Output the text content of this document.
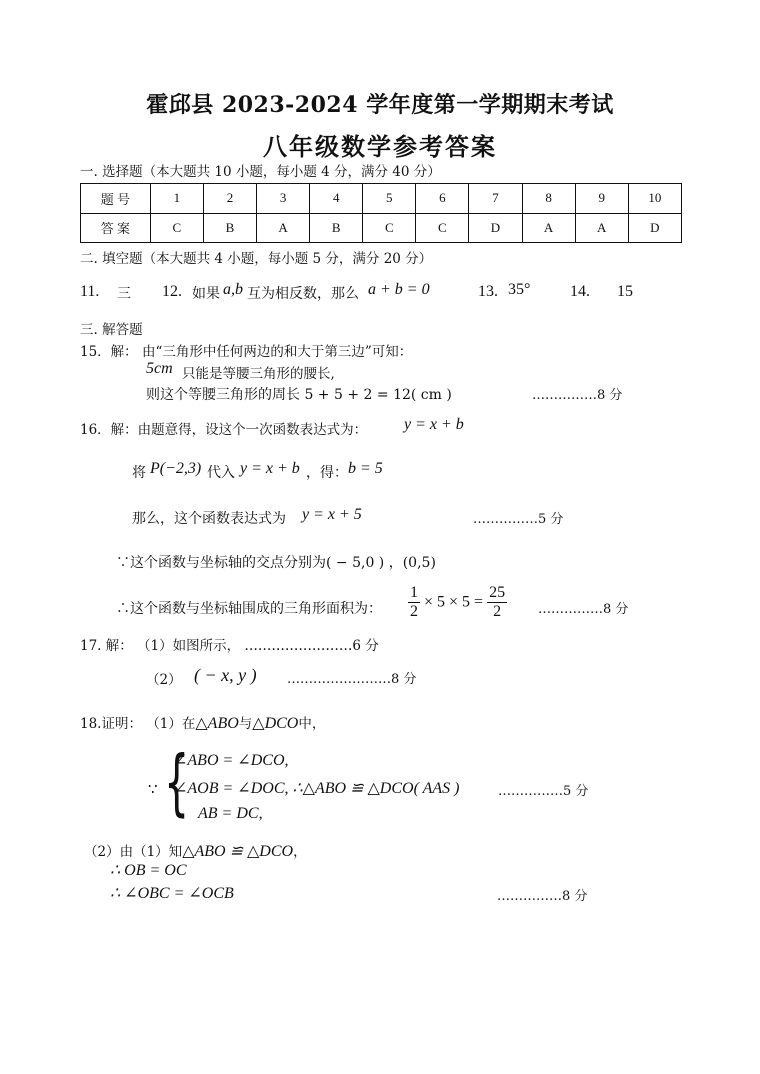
霍邱县 2023-2024 学年度第一学期期末考试
八年级数学参考答案
一. 选择题（本大题共 10 小题，每小题 4 分，满分 40 分）
题 号	1	2	3	4	5	6	7	8	9	10
答 案	C	B	A	B	C	C	D	A	A	D
二. 填空题（本大题共 4 小题，每小题 5 分，满分 20 分）
11. 三 12. 如果 a,b 互为相反数，那么 a + b = 0	13. 35° 14. 15
三. 解答题
15．解： 由“三角形中任何两边的和大于第三边”可知：
5cm 只能是等腰三角形的腰长,
则这个等腰三角形的周长 5 + 5 + 2 = 12( cm )	……………8 分
16．解：由题意得，设这个一次函数表达式为： y = x + b
将 P(−2,3) 代入 y = x + b ，得： b = 5
那么，这个函数表达式为 y = x + 5	……………5 分
∵这个函数与坐标轴的交点分别为( − 5,0 ) ，(0,5)
∴这个函数与坐标轴围成的三角形面积为： $\frac{1}{2} \times 5 \times 5 = \frac{25}{2}$ ……………8 分
17. 解： （1）如图所示， ……………………6 分
（2） ( − x, y ) ……………………8 分
18.证明： （1）在△ABO与△DCO中，
∵ {
∠ABO = ∠DCO,
∠AOB = ∠DOC, ∴△ABO ≌ △DCO( AAS )
AB = DC,
……………5 分
（2）由（1）知△ABO ≌ △DCO，
∴ OB = OC
∴ ∠OBC = ∠OCB	……………8 分
